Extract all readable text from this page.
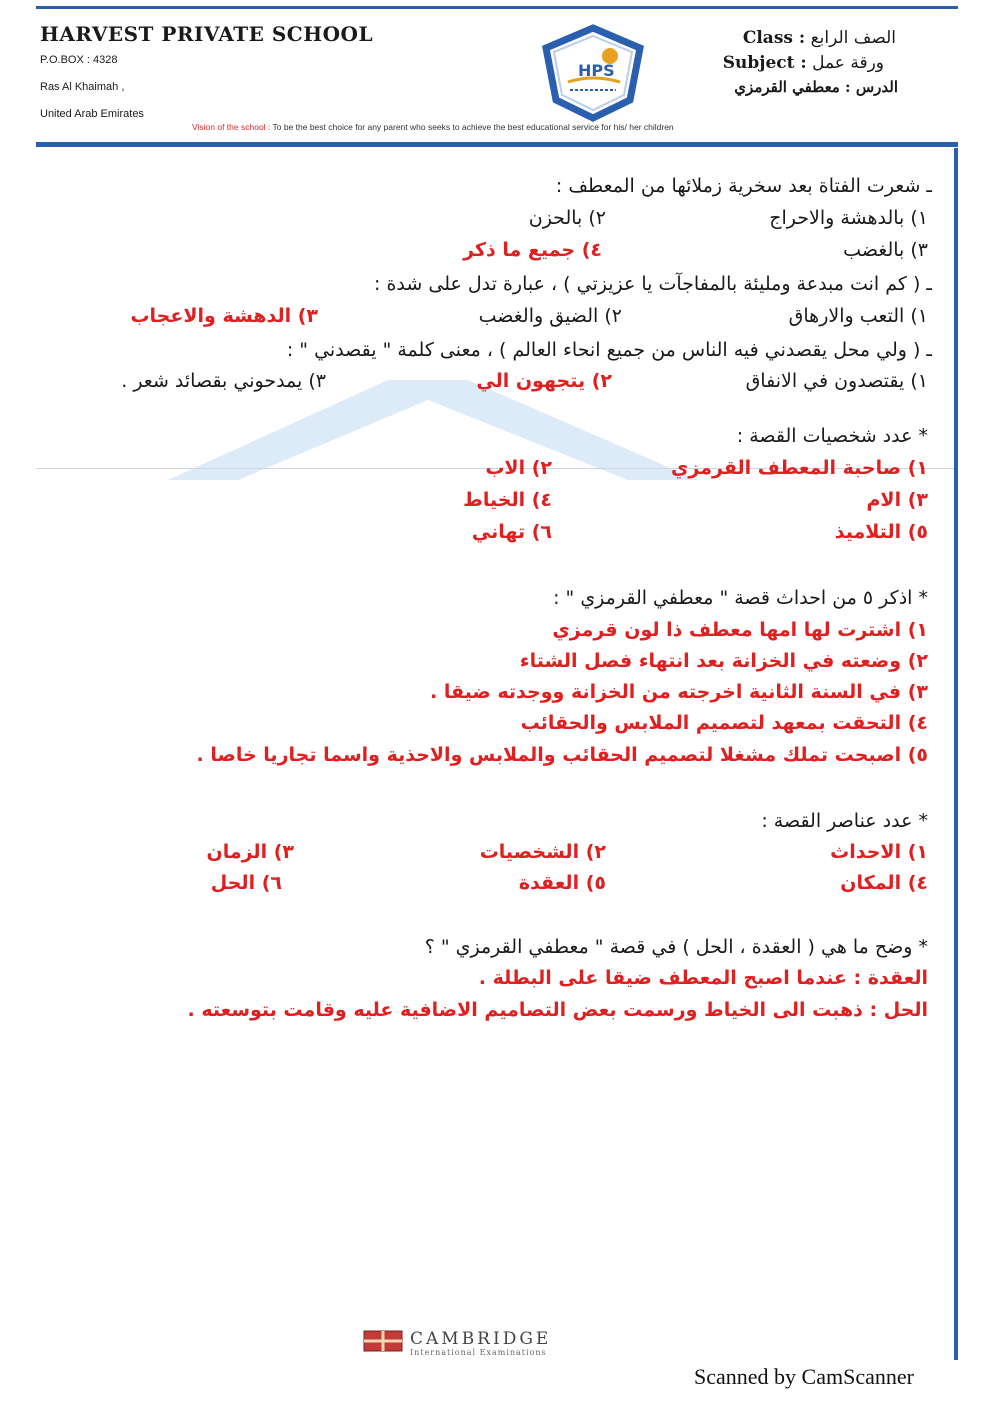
HARVEST PRIVATE SCHOOL
P.O.BOX : 4328
Ras Al Khaimah ,
United Arab Emirates
HPS
الصف الرابع Class :
ورقة عمل Subject :
الدرس : معطفي القرمزي
Vision of the school : To be the best choice for any parent who seeks to achieve the best educational service for his/ her children
ـ شعرت الفتاة بعد سخرية زملائها من المعطف :
١) بالدهشة والاحراج
٢) بالحزن
٣) بالغضب
٤) جميع ما ذكر
ـ ( كم انت مبدعة ومليئة بالمفاجآت يا عزيزتي ) ، عبارة تدل على شدة :
١) التعب والارهاق
٢) الضيق والغضب
٣) الدهشة والاعجاب
ـ ( ولي محل يقصدني فيه الناس من جميع انحاء العالم ) ، معنى كلمة " يقصدني " :
١) يقتصدون في الانفاق
٢) يتجهون الي
٣) يمدحوني بقصائد شعر .
* عدد شخصيات القصة :
١) صاحبة المعطف القرمزي
٢) الاب
٣) الام
٤) الخياط
٥) التلاميذ
٦) تهاني
* اذكر ٥ من احداث قصة " معطفي القرمزي " :
١) اشترت لها امها معطف ذا لون قرمزي
٢) وضعته في الخزانة بعد انتهاء فصل الشتاء
٣) في السنة الثانية اخرجته من الخزانة ووجدته ضيقا .
٤) التحقت بمعهد لتصميم الملابس والحقائب
٥) اصبحت تملك مشغلا لتصميم الحقائب والملابس والاحذية واسما تجاريا خاصا .
* عدد عناصر القصة :
١) الاحداث
٢) الشخصيات
٣) الزمان
٤) المكان
٥) العقدة
٦) الحل
* وضح ما هي ( العقدة ، الحل ) في قصة " معطفي القرمزي " ؟
العقدة : عندما اصبح المعطف ضيقا على البطلة .
الحل : ذهبت الى الخياط ورسمت بعض التصاميم الاضافية عليه وقامت بتوسعته .
CAMBRIDGE
International Examinations
Scanned by CamScanner
